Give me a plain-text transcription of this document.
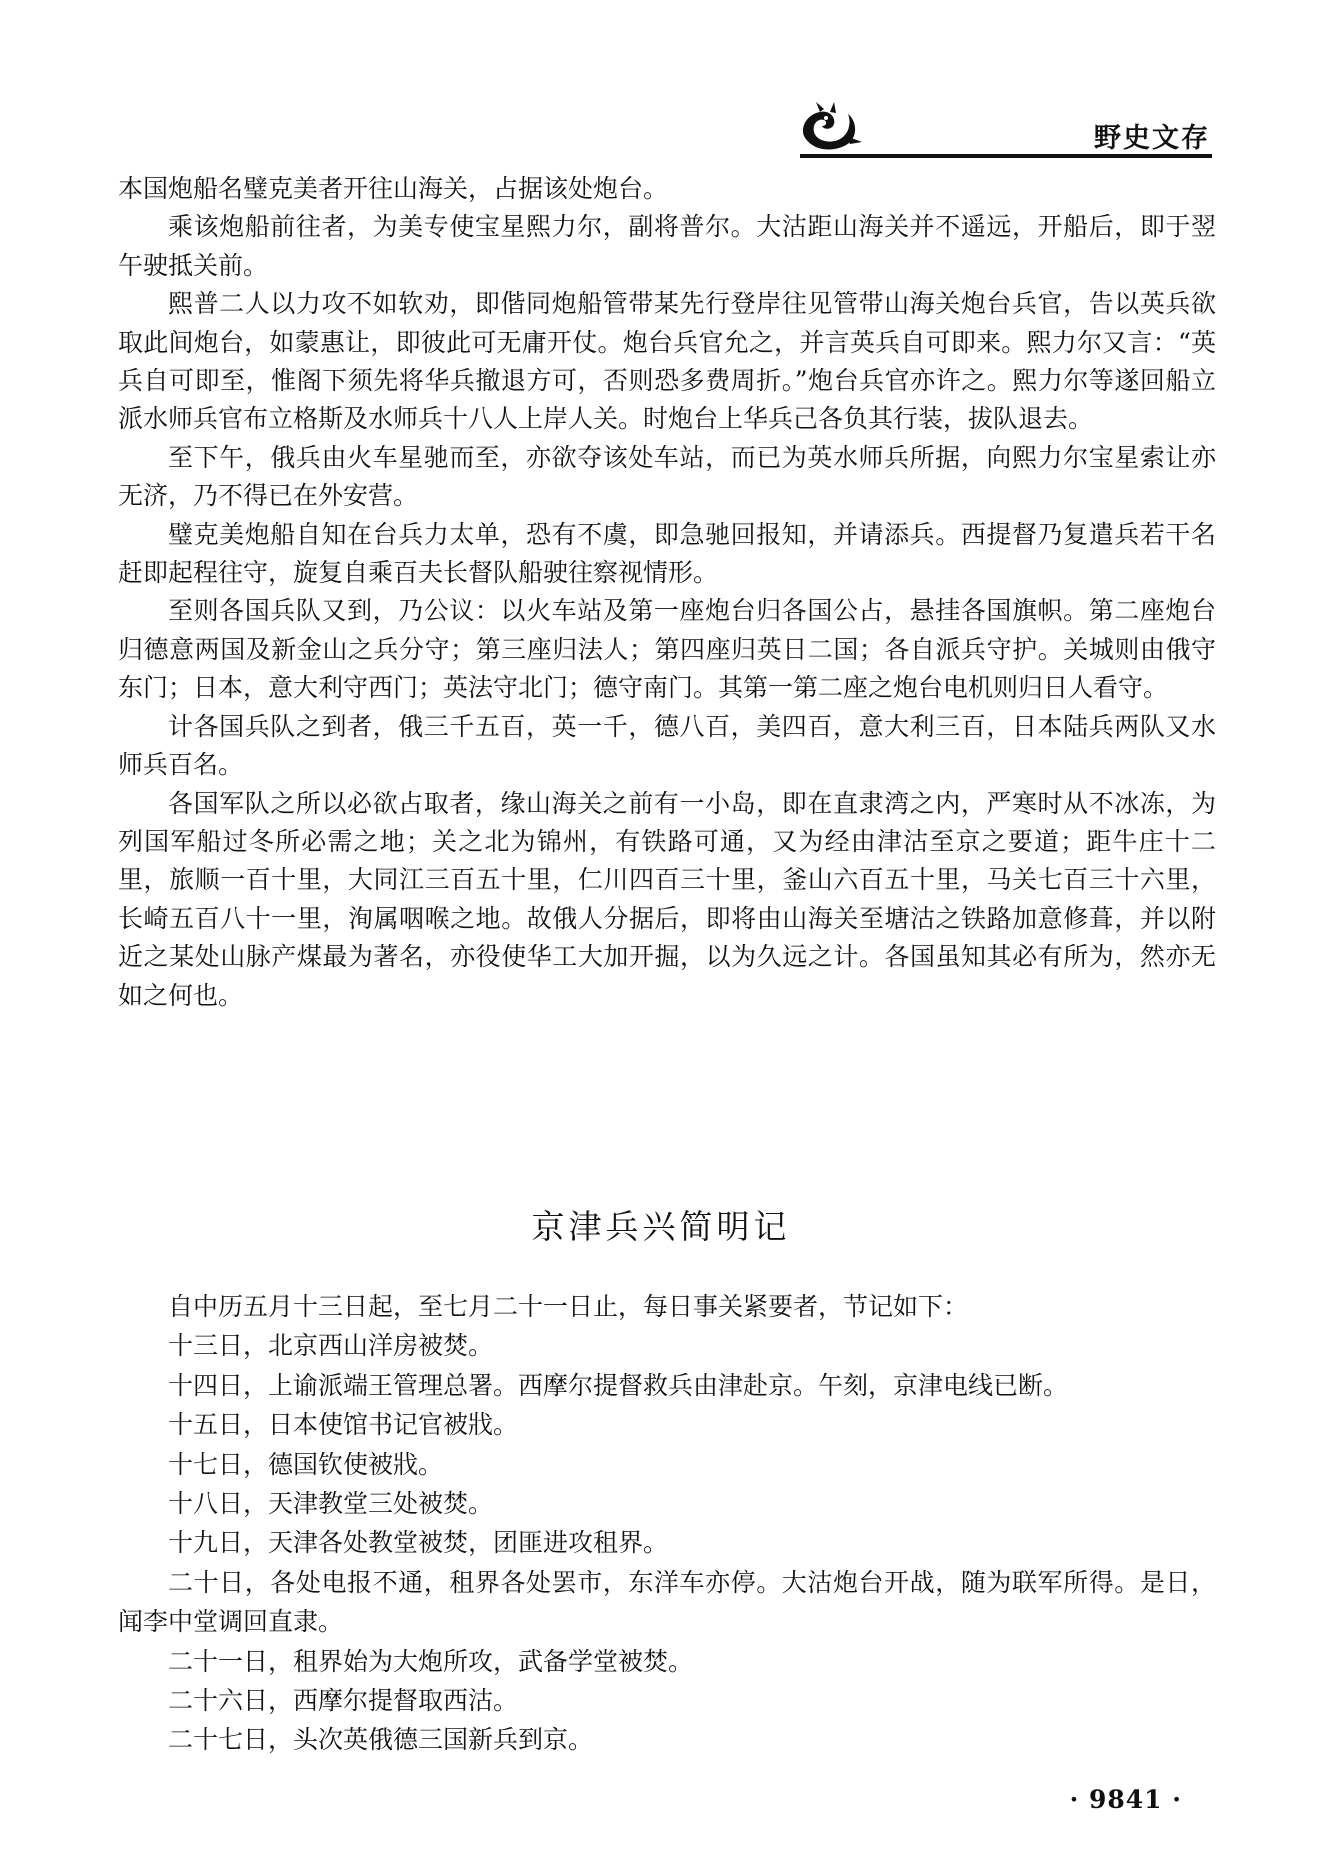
野史文存

本国炮船名璧克美者开往山海关，占据该处炮台。

乘该炮船前往者，为美专使宝星熙力尔，副将普尔。大沽距山海关并不遥远，开船后，即于翌午驶抵关前。

熙普二人以力攻不如软劝，即偕同炮船管带某先行登岸往见管带山海关炮台兵官，告以英兵欲取此间炮台，如蒙惠让，即彼此可无庸开仗。炮台兵官允之，并言英兵自可即来。熙力尔又言：“英兵自可即至，惟阁下须先将华兵撤退方可，否则恐多费周折。”炮台兵官亦许之。熙力尔等遂回船立派水师兵官布立格斯及水师兵十八人上岸人关。时炮台上华兵己各负其行装，拔队退去。

至下午，俄兵由火车星驰而至，亦欲夺该处车站，而已为英水师兵所据，向熙力尔宝星索让亦无济，乃不得已在外安营。

璧克美炮船自知在台兵力太单，恐有不虞，即急驰回报知，并请添兵。西提督乃复遣兵若干名赶即起程往守，旋复自乘百夫长督队船驶往察视情形。

至则各国兵队又到，乃公议：以火车站及第一座炮台归各国公占，悬挂各国旗帜。第二座炮台归德意两国及新金山之兵分守；第三座归法人；第四座归英日二国；各自派兵守护。关城则由俄守东门；日本，意大利守西门；英法守北门；德守南门。其第一第二座之炮台电机则归日人看守。

计各国兵队之到者，俄三千五百，英一千，德八百，美四百，意大利三百，日本陆兵两队又水师兵百名。

各国军队之所以必欲占取者，缘山海关之前有一小岛，即在直隶湾之内，严寒时从不冰冻，为列国军船过冬所必需之地；关之北为锦州，有铁路可通，又为经由津沽至京之要道；距牛庄十二里，旅顺一百十里，大同江三百五十里，仁川四百三十里，釜山六百五十里，马关七百三十六里，长崎五百八十一里，洵属咽喉之地。故俄人分据后，即将由山海关至塘沽之铁路加意修葺，并以附近之某处山脉产煤最为著名，亦役使华工大加开掘，以为久远之计。各国虽知其必有所为，然亦无如之何也。

京津兵兴简明记

自中历五月十三日起，至七月二十一日止，每日事关紧要者，节记如下：

十三日，北京西山洋房被焚。

十四日，上谕派端王管理总署。西摩尔提督救兵由津赴京。午刻，京津电线已断。

十五日，日本使馆书记官被戕。

十七日，德国钦使被戕。

十八日，天津教堂三处被焚。

十九日，天津各处教堂被焚，团匪进攻租界。

二十日，各处电报不通，租界各处罢市，东洋车亦停。大沽炮台开战，随为联军所得。是日，闻李中堂调回直隶。

二十一日，租界始为大炮所攻，武备学堂被焚。

二十六日，西摩尔提督取西沽。

二十七日，头次英俄德三国新兵到京。

· 9841 ·
